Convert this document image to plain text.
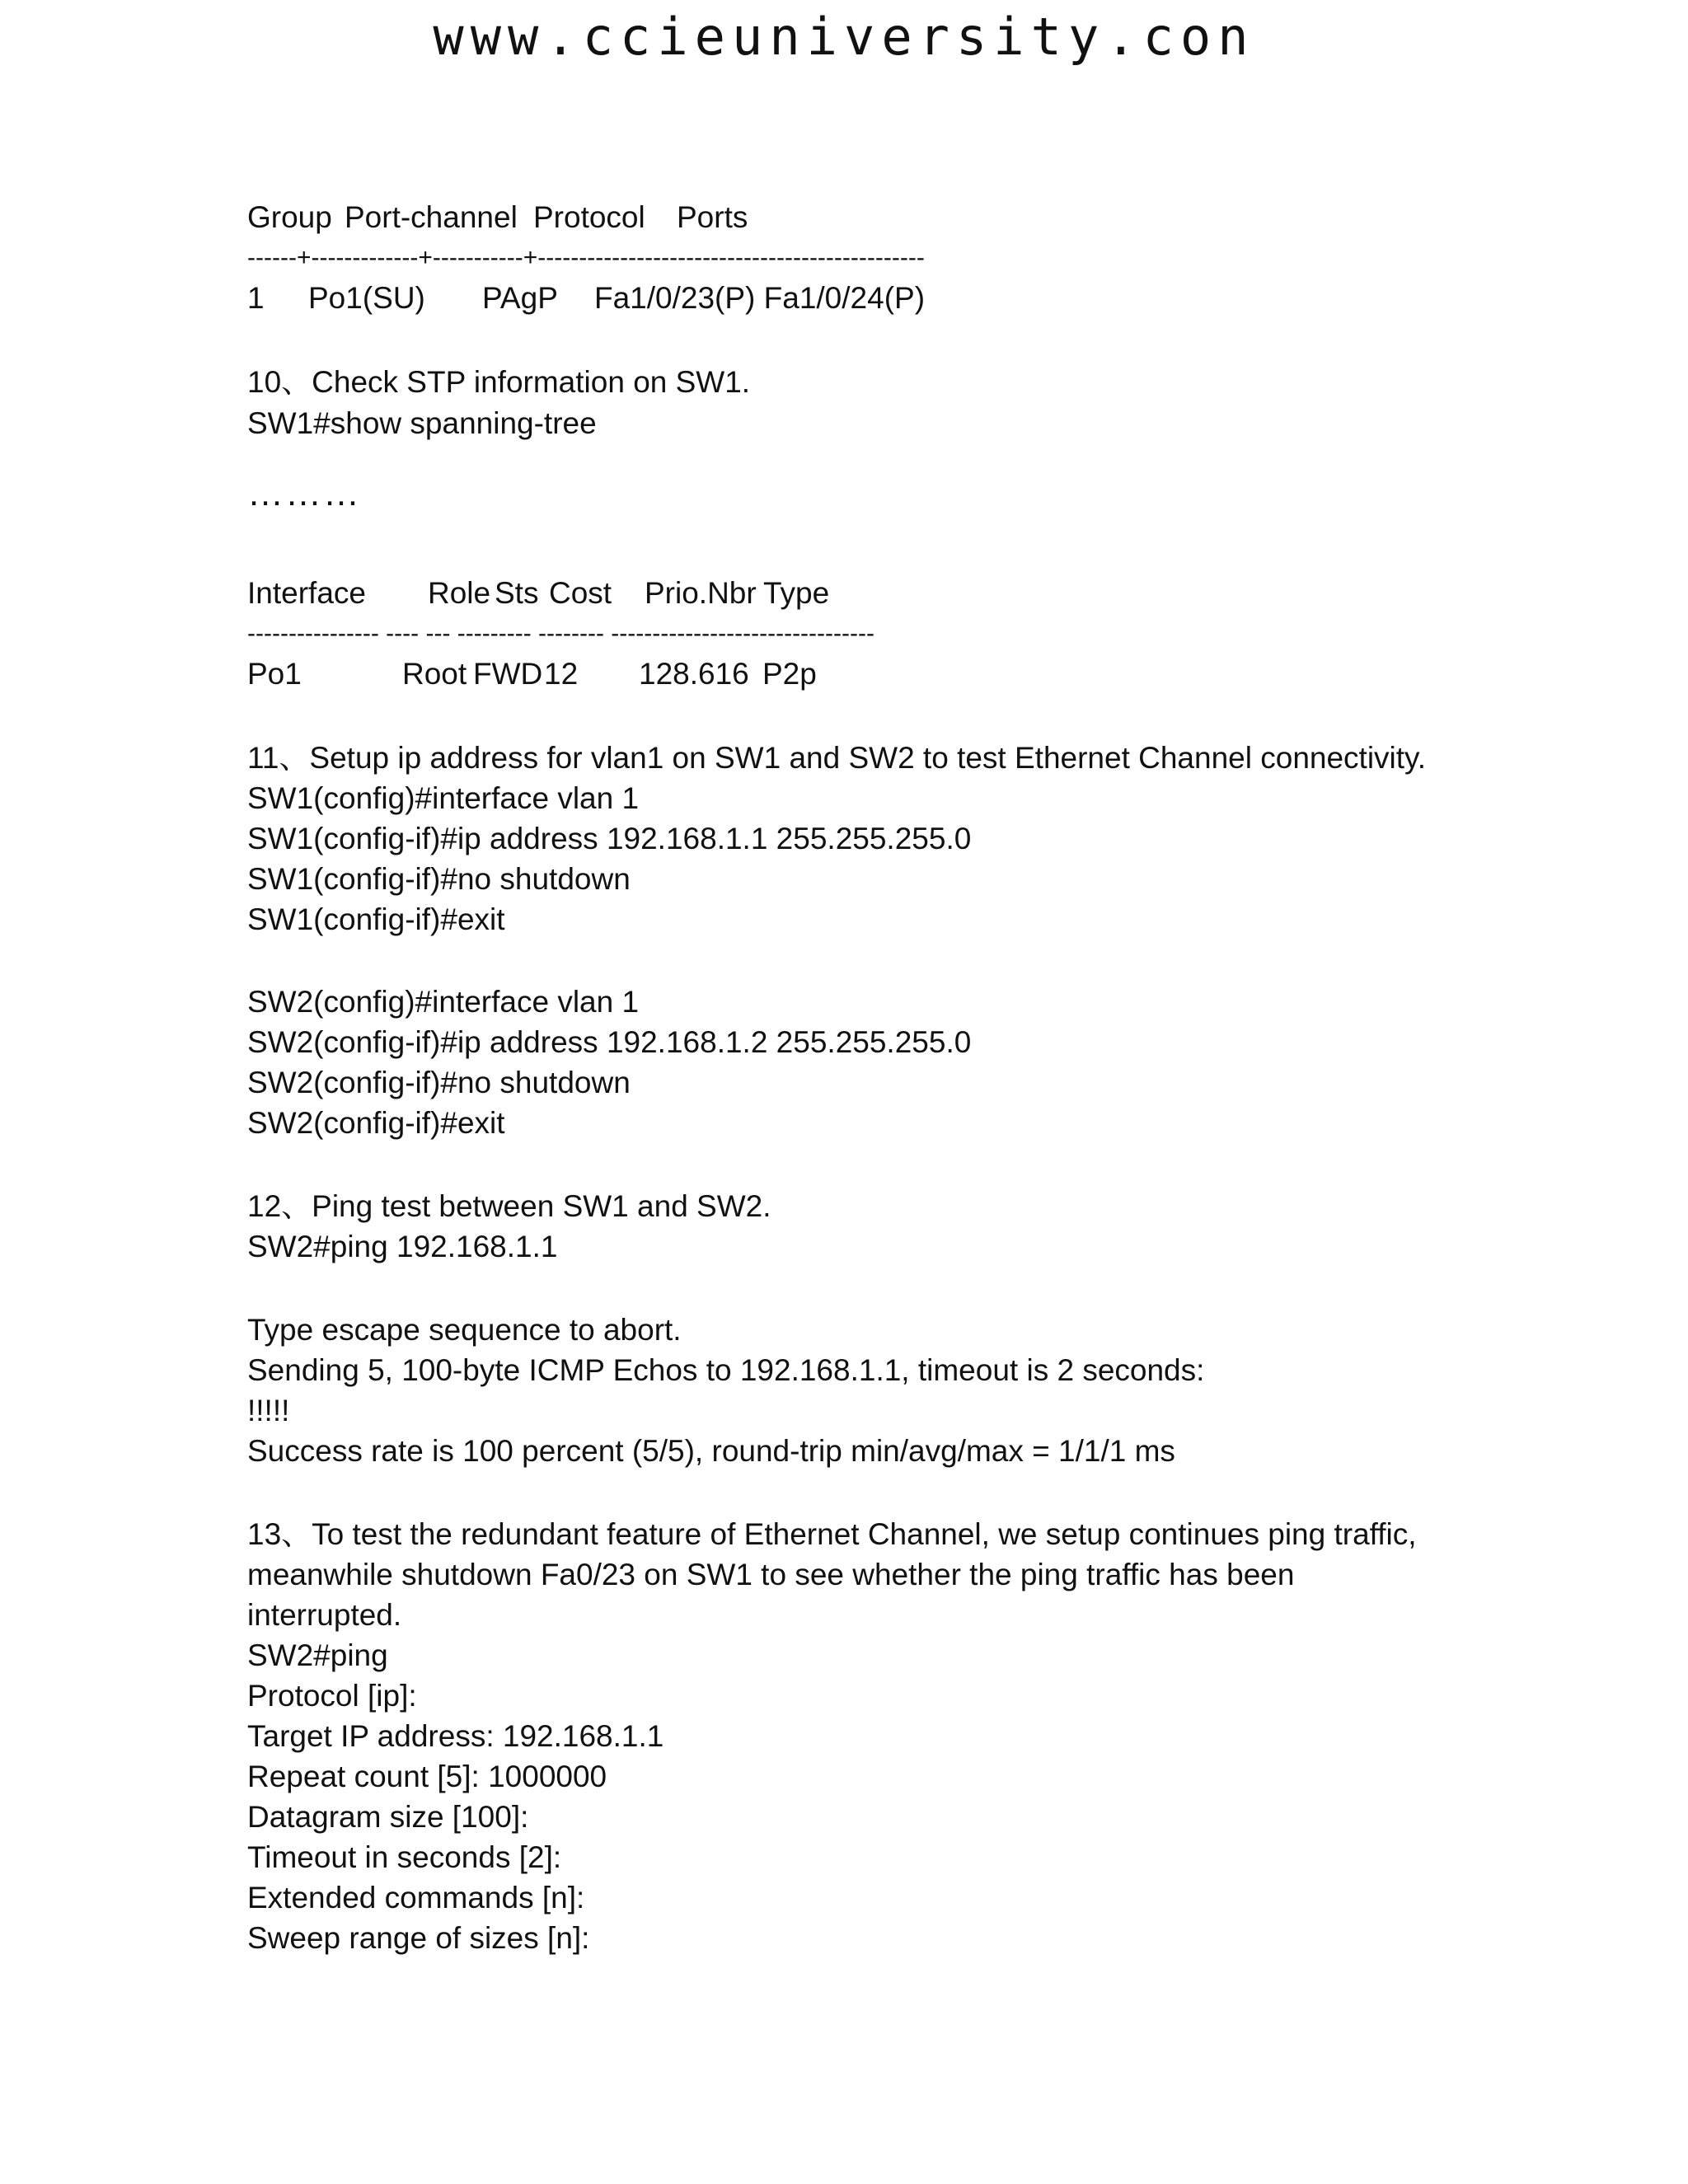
www.ccieuniversity.con
Group Port-channel Protocol Ports
------+-------------+-----------+-----------------------------------------------
1 Po1(SU) PAgP Fa1/0/23(P) Fa1/0/24(P)
10、Check STP information on SW1.
SW1#show spanning-tree
………
Interface Role Sts Cost Prio.Nbr Type
---------------- ---- --- --------- -------- --------------------------------
Po1	Root FWD 12 128.616 P2p
11、Setup ip address for vlan1 on SW1 and SW2 to test Ethernet Channel connectivity.
SW1(config)#interface vlan 1
SW1(config-if)#ip address 192.168.1.1 255.255.255.0
SW1(config-if)#no shutdown
SW1(config-if)#exit
SW2(config)#interface vlan 1
SW2(config-if)#ip address 192.168.1.2 255.255.255.0
SW2(config-if)#no shutdown
SW2(config-if)#exit
12、Ping test between SW1 and SW2.
SW2#ping 192.168.1.1
Type escape sequence to abort.
Sending 5, 100-byte ICMP Echos to 192.168.1.1, timeout is 2 seconds:
!!!!!
Success rate is 100 percent (5/5), round-trip min/avg/max = 1/1/1 ms
13、To test the redundant feature of Ethernet Channel, we setup continues ping traffic,
meanwhile shutdown Fa0/23 on SW1 to see whether the ping traffic has been
interrupted.
SW2#ping
Protocol [ip]:
Target IP address: 192.168.1.1
Repeat count [5]: 1000000
Datagram size [100]:
Timeout in seconds [2]:
Extended commands [n]:
Sweep range of sizes [n]:
